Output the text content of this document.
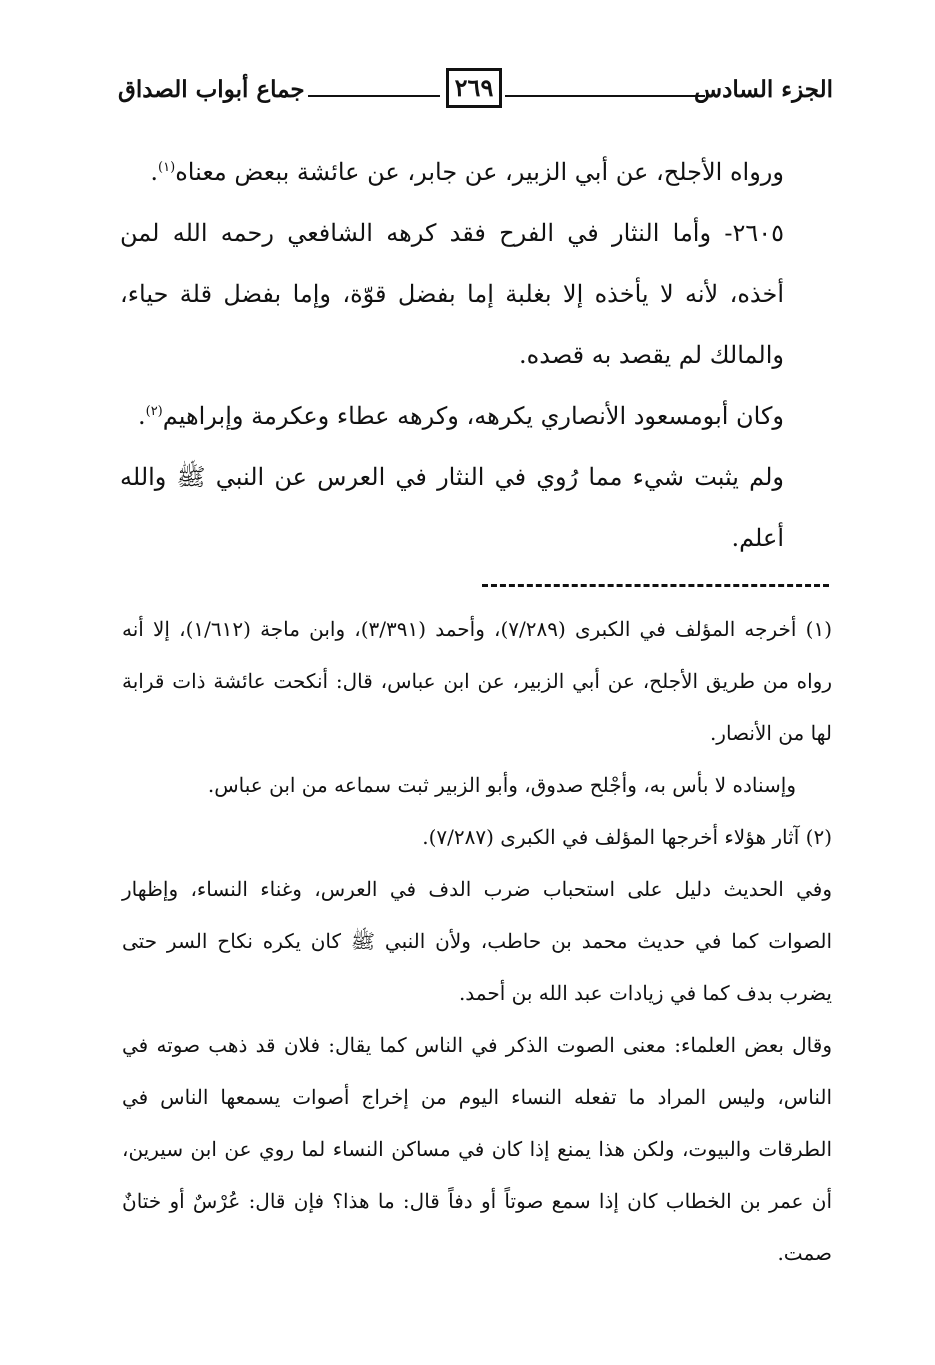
الجزء السادس
٢٦٩
جماع أبواب الصداق

ورواه الأجلح، عن أبي الزبير، عن جابر، عن عائشة ببعض معناه$^{(١)}$.

٢٦٠٥- وأما النثار في الفرح فقد كرهه الشافعي رحمه الله لمن أخذه، لأنه لا يأخذه إلا بغلبة إما بفضل قوّة، وإما بفضل قلة حياء، والمالك لم يقصد به قصده.

وكان أبومسعود الأنصاري يكرهه، وكرهه عطاء وعكرمة وإبراهيم$^{(٢)}$.

ولم يثبت شيء مما رُوي في النثار في العرس عن النبي ﷺ والله أعلم.

(١) أخرجه المؤلف في الكبرى (٧/٢٨٩)، وأحمد (٣/٣٩١)، وابن ماجة (١/٦١٢)، إلا أنه رواه من طريق الأجلح، عن أبي الزبير، عن ابن عباس، قال: أنكحت عائشة ذات قرابة لها من الأنصار.

وإسناده لا بأس به، وأجْلح صدوق، وأبو الزبير ثبت سماعه من ابن عباس.

(٢) آثار هؤلاء أخرجها المؤلف في الكبرى (٧/٢٨٧).

وفي الحديث دليل على استحباب ضرب الدف في العرس، وغناء النساء، وإظهار الصوات كما في حديث محمد بن حاطب، ولأن النبي ﷺ كان يكره نكاح السر حتى يضرب بدف كما في زيادات عبد الله بن أحمد.

وقال بعض العلماء: معنى الصوت الذكر في الناس كما يقال: فلان قد ذهب صوته في الناس، وليس المراد ما تفعله النساء اليوم من إخراج أصوات يسمعها الناس في الطرقات والبيوت، ولكن هذا يمنع إذا كان في مساكن النساء لما روي عن ابن سيرين، أن عمر بن الخطاب كان إذا سمع صوتاً أو دفاً قال: ما هذا؟ فإن قال: عُرْسٌ أو ختانٌ صمت.
